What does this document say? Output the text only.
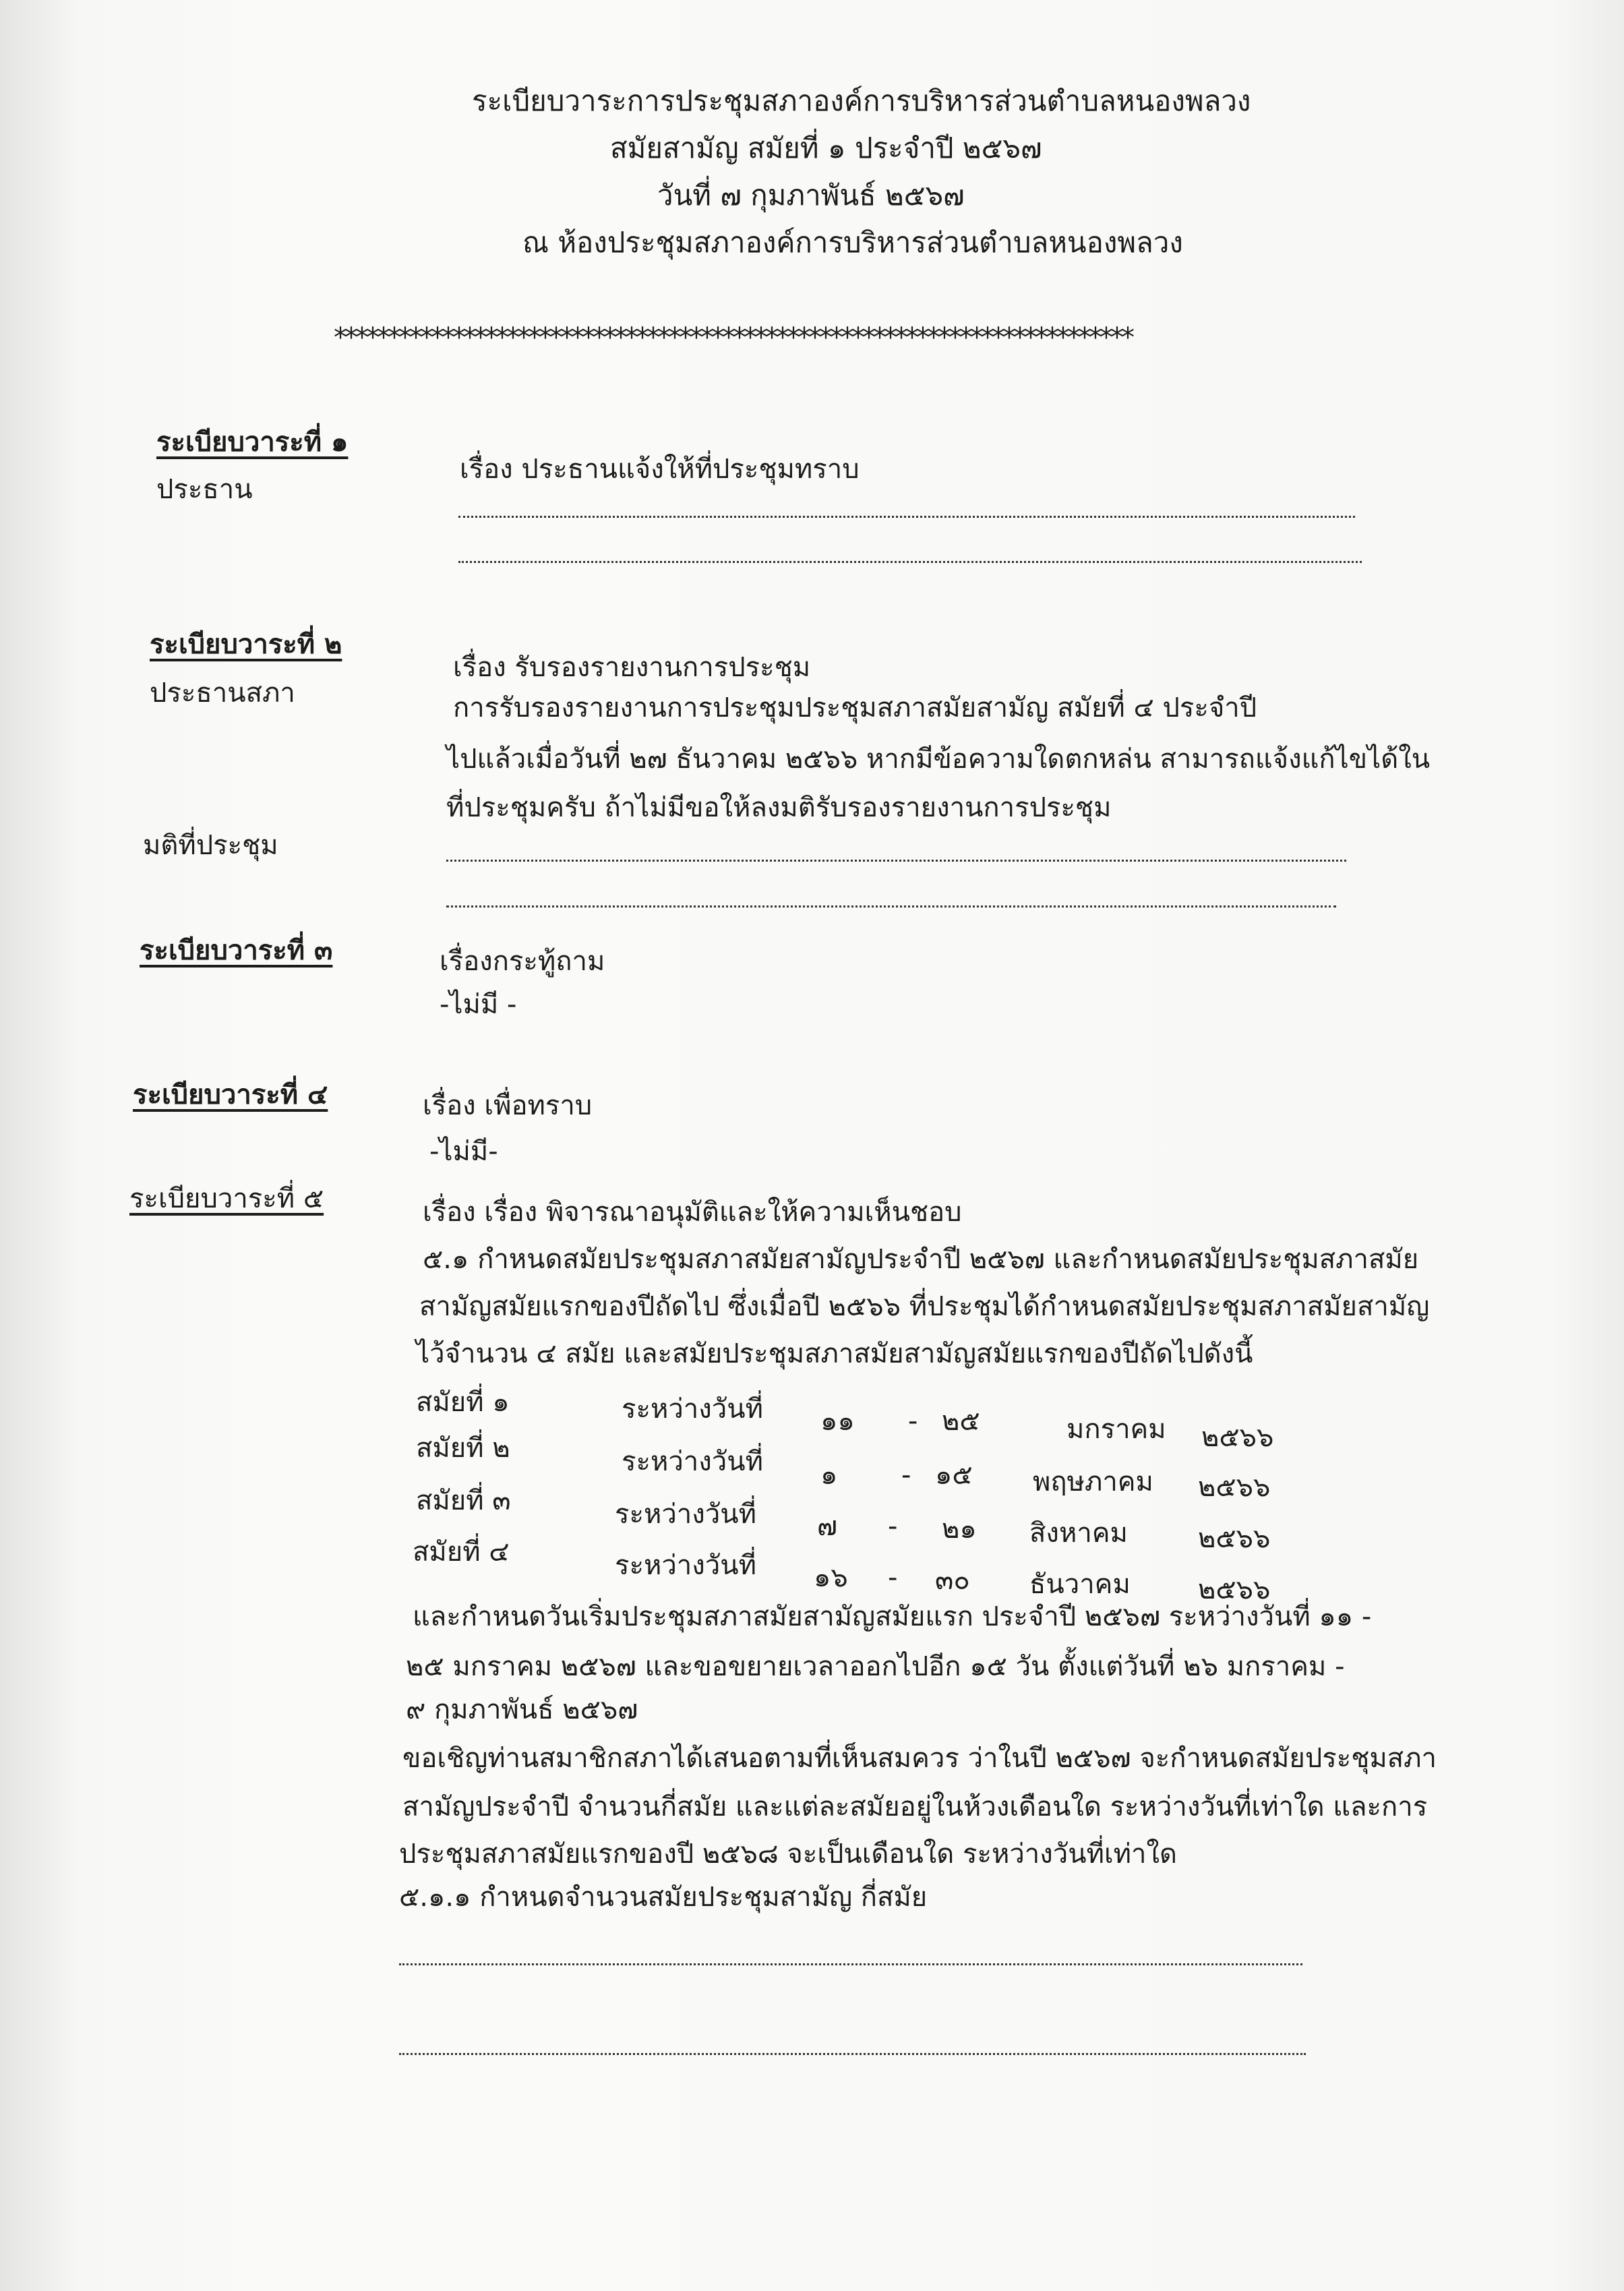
ระเบียบวาระการประชุมสภาองค์การบริหารส่วนตำบลหนองพลวง
สมัยสามัญ สมัยที่ ๑ ประจำปี ๒๕๖๗
วันที่ ๗ กุมภาพันธ์ ๒๕๖๗
ณ ห้องประชุมสภาองค์การบริหารส่วนตำบลหนองพลวง
**************************************************************************
ระเบียบวาระที่ ๑
เรื่อง ประธานแจ้งให้ที่ประชุมทราบ
ประธาน
ระเบียบวาระที่ ๒
เรื่อง รับรองรายงานการประชุม
ประธานสภา	การรับรองรายงานการประชุมประชุมสภาสมัยสามัญ สมัยที่ ๔ ประจำปี
ไปแล้วเมื่อวันที่ ๒๗ ธันวาคม ๒๕๖๖ หากมีข้อความใดตกหล่น สามารถแจ้งแก้ไขได้ใน
ที่ประชุมครับ ถ้าไม่มีขอให้ลงมติรับรองรายงานการประชุม
มติที่ประชุม
ระเบียบวาระที่ ๓	เรื่องกระทู้ถาม
-ไม่มี -
ระเบียบวาระที่ ๔	เรื่อง เพื่อทราบ
-ไม่มี-
ระเบียบวาระที่ ๕	เรื่อง เรื่อง พิจารณาอนุมัติและให้ความเห็นชอบ
๕.๑ กำหนดสมัยประชุมสภาสมัยสามัญประจำปี ๒๕๖๗ และกำหนดสมัยประชุมสภาสมัย
สามัญสมัยแรกของปีถัดไป ซึ่งเมื่อปี ๒๕๖๖ ที่ประชุมได้กำหนดสมัยประชุมสภาสมัยสามัญ
ไว้จำนวน ๔ สมัย และสมัยประชุมสภาสมัยสามัญสมัยแรกของปีถัดไปดังนี้
สมัยที่ ๑	ระหว่างวันที่ ๑๑ - ๒๕	มกราคม ๒๕๖๖
สมัยที่ ๒	ระหว่างวันที่ ๑ - ๑๕ พฤษภาคม ๒๕๖๖
สมัยที่ ๓	ระหว่างวันที่ ๗ - ๒๑ สิงหาคม	๒๕๖๖
สมัยที่ ๔	ระหว่างวันที่ ๑๖ - ๓๐ ธันวาคม	๒๕๖๖
และกำหนดวันเริ่มประชุมสภาสมัยสามัญสมัยแรก ประจำปี ๒๕๖๗ ระหว่างวันที่ ๑๑ -
๒๕ มกราคม ๒๕๖๗ และขอขยายเวลาออกไปอีก ๑๕ วัน ตั้งแต่วันที่ ๒๖ มกราคม -
๙ กุมภาพันธ์ ๒๕๖๗
ขอเชิญท่านสมาชิกสภาได้เสนอตามที่เห็นสมควร ว่าในปี ๒๕๖๗ จะกำหนดสมัยประชุมสภา
สามัญประจำปี จำนวนกี่สมัย และแต่ละสมัยอยู่ในห้วงเดือนใด ระหว่างวันที่เท่าใด และการ
ประชุมสภาสมัยแรกของปี ๒๕๖๘ จะเป็นเดือนใด ระหว่างวันที่เท่าใด
๕.๑.๑ กำหนดจำนวนสมัยประชุมสามัญ กี่สมัย
